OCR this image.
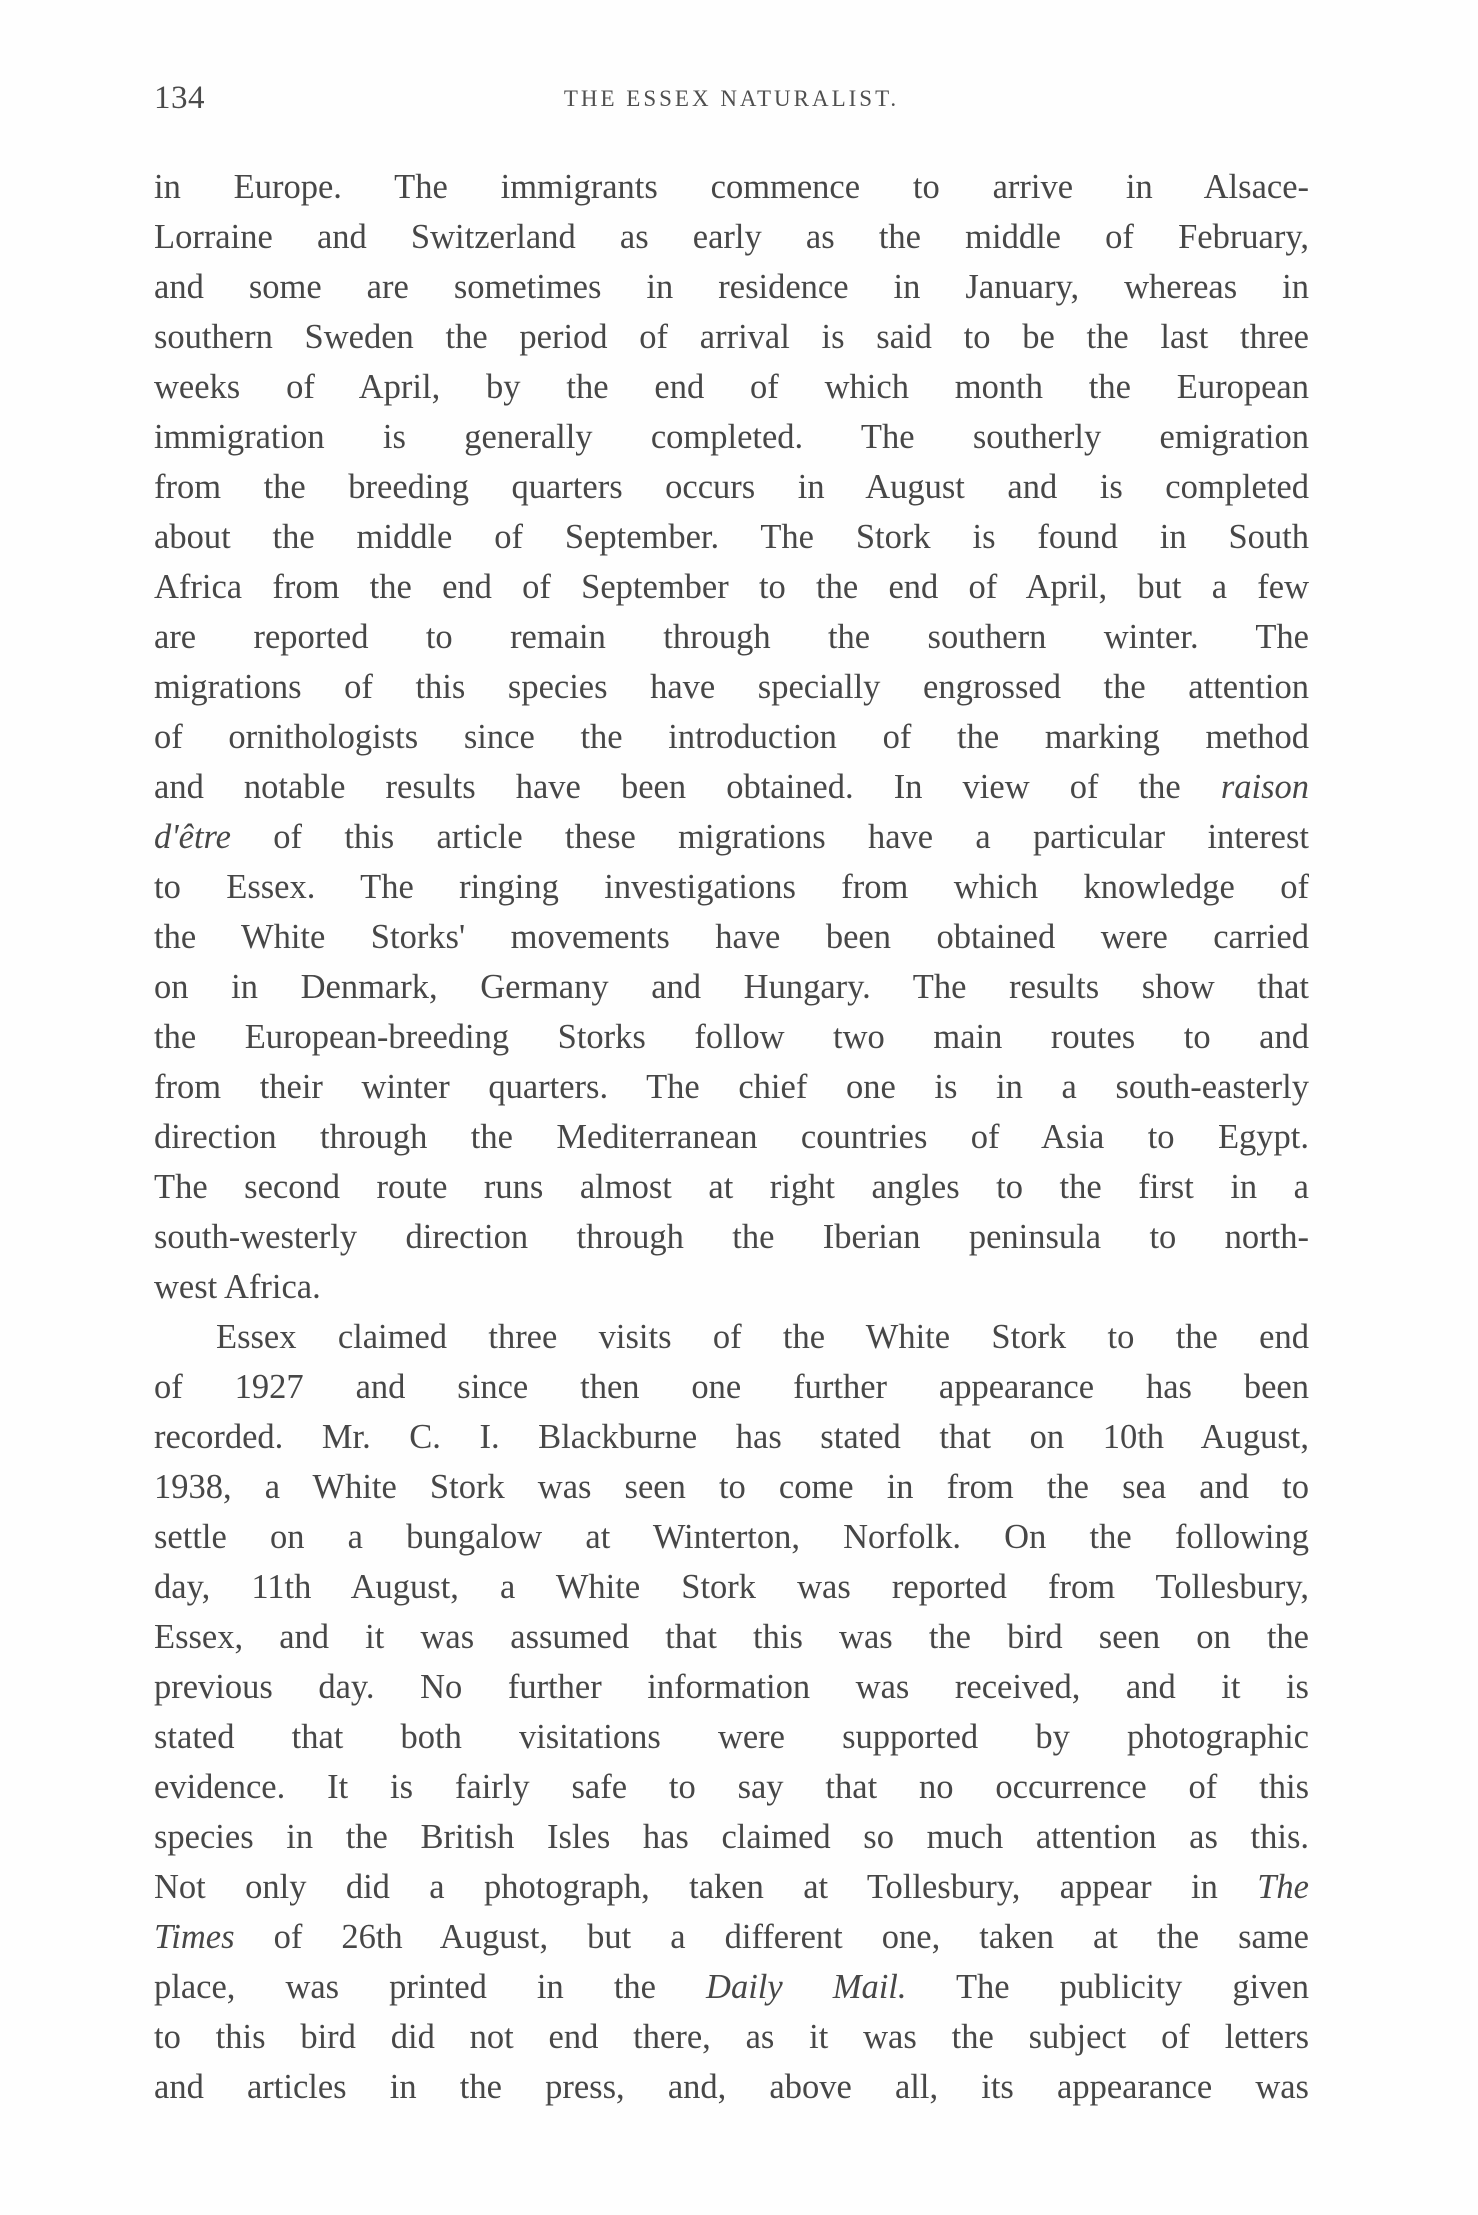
134	THE ESSEX NATURALIST.
in Europe. The immigrants commence to arrive in Alsace-
Lorraine and Switzerland as early as the middle of February,
and some are sometimes in residence in January, whereas in
southern Sweden the period of arrival is said to be the last three
weeks of April, by the end of which month the European
immigration is generally completed. The southerly emigration
from the breeding quarters occurs in August and is completed
about the middle of September. The Stork is found in South
Africa from the end of September to the end of April, but a few
are reported to remain through the southern winter. The
migrations of this species have specially engrossed the attention
of ornithologists since the introduction of the marking method
and notable results have been obtained. In view of the raison
d'être of this article these migrations have a particular interest
to Essex. The ringing investigations from which knowledge of
the White Storks' movements have been obtained were carried
on in Denmark, Germany and Hungary. The results show that
the European-breeding Storks follow two main routes to and
from their winter quarters. The chief one is in a south-easterly
direction through the Mediterranean countries of Asia to Egypt.
The second route runs almost at right angles to the first in a
south-westerly direction through the Iberian peninsula to north-
west Africa.
Essex claimed three visits of the White Stork to the end
of 1927 and since then one further appearance has been
recorded. Mr. C. I. Blackburne has stated that on 10th August,
1938, a White Stork was seen to come in from the sea and to
settle on a bungalow at Winterton, Norfolk. On the following
day, 11th August, a White Stork was reported from Tollesbury,
Essex, and it was assumed that this was the bird seen on the
previous day. No further information was received, and it is
stated that both visitations were supported by photographic
evidence. It is fairly safe to say that no occurrence of this
species in the British Isles has claimed so much attention as this.
Not only did a photograph, taken at Tollesbury, appear in The
Times of 26th August, but a different one, taken at the same
place, was printed in the Daily Mail. The publicity given
to this bird did not end there, as it was the subject of letters
and articles in the press, and, above all, its appearance was
